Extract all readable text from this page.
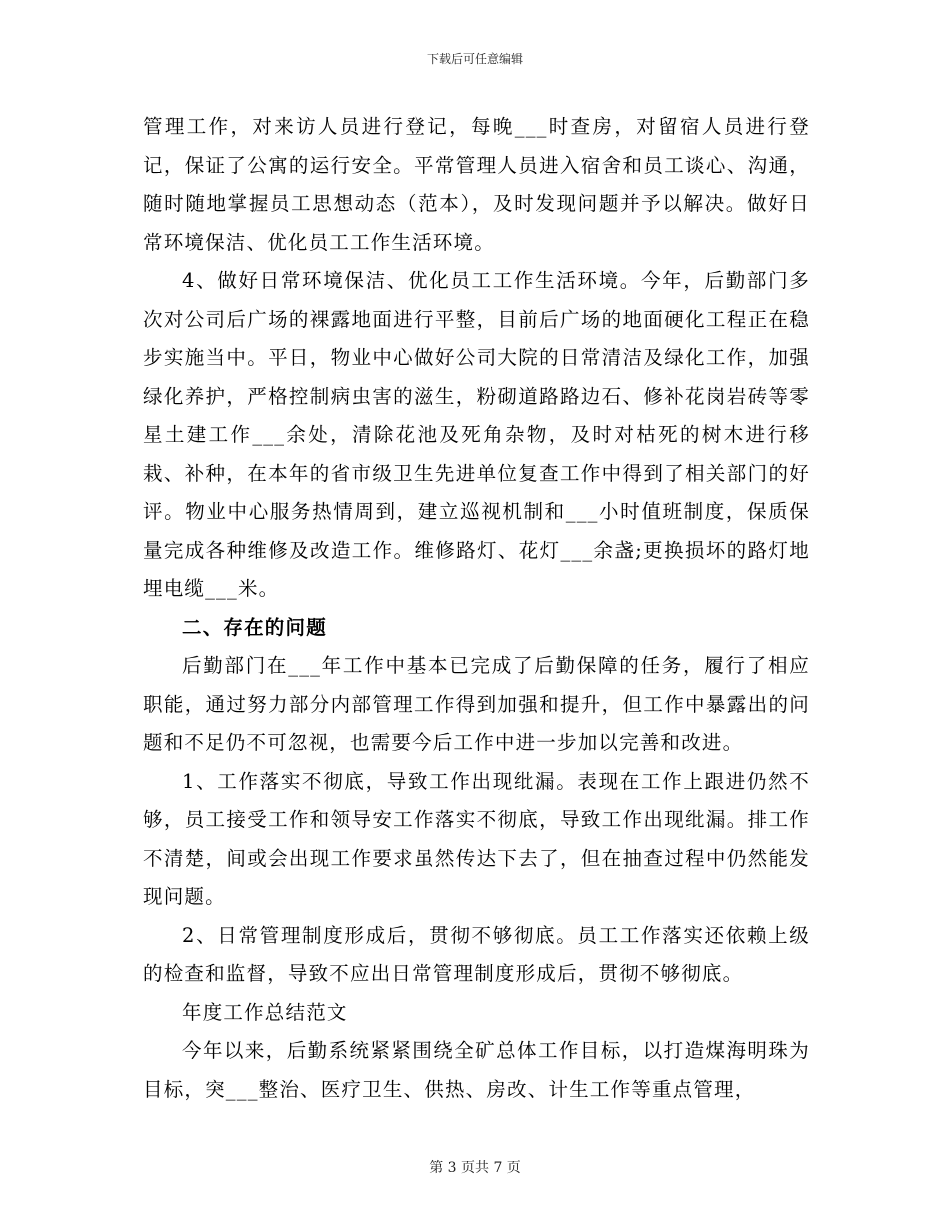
下载后可任意编辑

管理工作，对来访人员进行登记，每晚___时查房，对留宿人员进行登记，保证了公寓的运行安全。平常管理人员进入宿舍和员工谈心、沟通，随时随地掌握员工思想动态（范本），及时发现问题并予以解决。做好日常环境保洁、优化员工工作生活环境。

4、做好日常环境保洁、优化员工工作生活环境。今年，后勤部门多次对公司后广场的裸露地面进行平整，目前后广场的地面硬化工程正在稳步实施当中。平日，物业中心做好公司大院的日常清洁及绿化工作，加强绿化养护，严格控制病虫害的滋生，粉砌道路路边石、修补花岗岩砖等零星土建工作___余处，清除花池及死角杂物，及时对枯死的树木进行移栽、补种，在本年的省市级卫生先进单位复查工作中得到了相关部门的好评。物业中心服务热情周到，建立巡视机制和___小时值班制度，保质保量完成各种维修及改造工作。维修路灯、花灯___余盏;更换损坏的路灯地埋电缆___米。

二、存在的问题

后勤部门在___年工作中基本已完成了后勤保障的任务，履行了相应职能，通过努力部分内部管理工作得到加强和提升，但工作中暴露出的问题和不足仍不可忽视，也需要今后工作中进一步加以完善和改进。

1、工作落实不彻底，导致工作出现纰漏。表现在工作上跟进仍然不够，员工接受工作和领导安工作落实不彻底，导致工作出现纰漏。排工作不清楚，间或会出现工作要求虽然传达下去了，但在抽查过程中仍然能发现问题。

2、日常管理制度形成后，贯彻不够彻底。员工工作落实还依赖上级的检查和监督，导致不应出日常管理制度形成后，贯彻不够彻底。

年度工作总结范文

今年以来，后勤系统紧紧围绕全矿总体工作目标，以打造煤海明珠为目标，突___整治、医疗卫生、供热、房改、计生工作等重点管理，

第 3 页共 7 页
